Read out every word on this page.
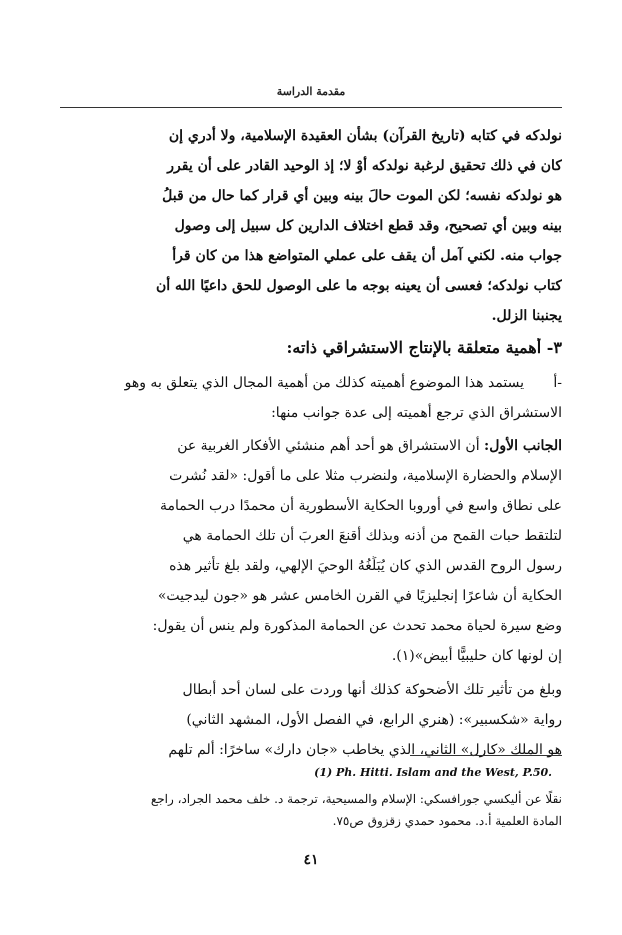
مقدمة الدراسة
نولدكه في كتابه (تاريخ القرآن) بشأن العقيدة الإسلامية، ولا أدري إن
كان في ذلك تحقيق لرغبة نولدكه أوْ لا؛ إذ الوحيد القادر على أن يقرر
هو نولدكه نفسه؛ لكن الموت حالَ بينه وبين أي قرار كما حال من قبلُ
بينه وبين أي تصحيح، وقد قطع اختلاف الدارين كل سبيل إلى وصول
جواب منه. لكني آمل أن يقف على عملي المتواضع هذا من كان قرأ
كتاب نولدكه؛ فعسى أن يعينه بوجه ما على الوصول للحق داعيًا الله أن
يجنبنا الزلل.
٣- أهمية متعلقة بالإنتاج الاستشراقي ذاته:
أ-
يستمد هذا الموضوع أهميته كذلك من أهمية المجال الذي يتعلق به وهو
الاستشراق الذي ترجع أهميته إلى عدة جوانب منها:
الجانب الأول: أن الاستشراق هو أحد أهم منشئي الأفكار الغربية عن
الإسلام والحضارة الإسلامية، ولنضرب مثلا على ما أقول: «لقد نُشرت
على نطاق واسع في أوروبا الحكاية الأسطورية أن محمدًا درب الحمامة
لتلتقط حبات القمح من أذنه وبذلك أقنعَ العربَ أن تلك الحمامة هي
رسول الروح القدس الذي كان يُبَلِّغُهُ الوحيَ الإلهي، ولقد بلغ تأثير هذه
الحكاية أن شاعرًا إنجليزيًا في القرن الخامس عشر هو «جون ليدجيت»
وضع سيرة لحياة محمد تحدث عن الحمامة المذكورة ولم ينس أن يقول:
إن لونها كان حليبيًّا أبيض»(١).
وبلغ من تأثير تلك الأضحوكة كذلك أنها وردت على لسان أحد أبطال
رواية «شكسبير»: (هنري الرابع، في الفصل الأول، المشهد الثاني)
هو الملك «كارل» الثاني، الذي يخاطب «جان دارك» ساخرًا: ألم تلهم
(1) Ph. Hitti. Islam and the West, P.50.
نقلًا عن أليكسي جورافسكي: الإسلام والمسيحية، ترجمة د. خلف محمد الجراد، راجع
المادة العلمية أ.د. محمود حمدي زقزوق ص٧٥.
٤١
